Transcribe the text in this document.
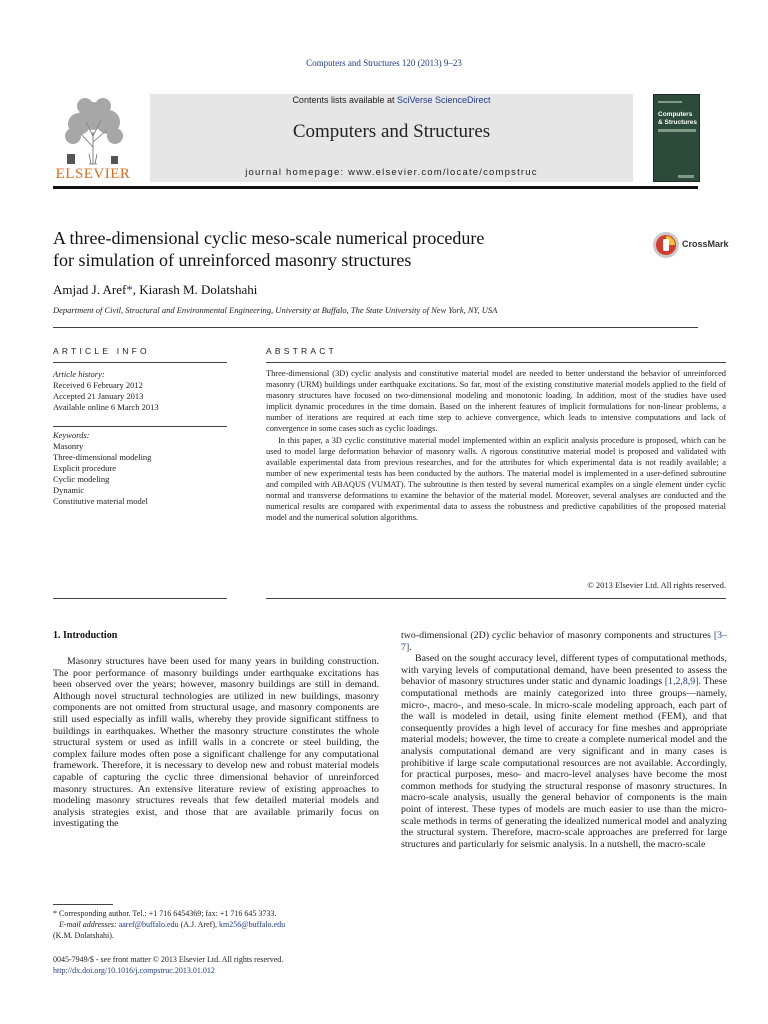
Computers and Structures 120 (2013) 9–23
ELSEVIER
Contents lists available at SciVerse ScienceDirect
Computers and Structures
journal homepage: www.elsevier.com/locate/compstruc
Computers
& Structures
A three-dimensional cyclic meso-scale numerical procedure
for simulation of unreinforced masonry structures
CrossMark
Amjad J. Aref*, Kiarash M. Dolatshahi
Department of Civil, Structural and Environmental Engineering, University at Buffalo, The State University of New York, NY, USA
ARTICLE INFO
Article history:
Received 6 February 2012
Accepted 21 January 2013
Available online 6 March 2013
Keywords:
Masonry
Three-dimensional modeling
Explicit procedure
Cyclic modeling
Dynamic
Constitutive material model
ABSTRACT

Three-dimensional (3D) cyclic analysis and constitutive material model are needed to better understand the behavior of unreinforced masonry (URM) buildings under earthquake excitations. So far, most of the existing constitutive material models applied to the field of masonry structures have focused on two-dimensional modeling and monotonic loading. In addition, most of the studies have used implicit dynamic procedures in the time domain. Based on the inherent features of implicit formulations for non-linear problems, a number of iterations are required at each time step to achieve convergence, which leads to intensive computations and lack of convergence in some cases such as cyclic loadings.

In this paper, a 3D cyclic constitutive material model implemented within an explicit analysis procedure is proposed, which can be used to model large deformation behavior of masonry walls. A rigorous constitutive material model is proposed and validated with available experimental data from previous researches, and for the attributes for which experimental data is not readily available; a number of new experimental tests has been conducted by the authors. The material model is implemented in a user-defined subroutine and compiled with ABAQUS (VUMAT). The subroutine is then tested by several numerical examples on a single element under cyclic normal and transverse deformations to examine the behavior of the material model. Moreover, several analyses are conducted and the numerical results are compared with experimental data to assess the robustness and predictive capabilities of the proposed material model and the numerical solution algorithms.

© 2013 Elsevier Ltd. All rights reserved.
1. Introduction

Masonry structures have been used for many years in building construction. The poor performance of masonry buildings under earthquake excitations has been observed over the years; however, masonry buildings are still in demand. Although novel structural technologies are utilized in new buildings, masonry components are not omitted from structural usage, and masonry components are still used especially as infill walls, whereby they provide significant stiffness to buildings in earthquakes. Whether the masonry structure constitutes the whole structural system or used as infill walls in a concrete or steel building, the complex failure modes often pose a significant challenge for any computational framework. Therefore, it is necessary to develop new and robust material models capable of capturing the cyclic three dimensional behavior of unreinforced masonry structures. An extensive literature review of existing approaches to modeling masonry structures reveals that few detailed material models and analysis strategies exist, and those that are available primarily focus on investigating the

two-dimensional (2D) cyclic behavior of masonry components and structures [3–7].

Based on the sought accuracy level, different types of computational methods, with varying levels of computational demand, have been presented to assess the behavior of masonry structures under static and dynamic loadings [1,2,8,9]. These computational methods are mainly categorized into three groups—namely, micro-, macro-, and meso-scale. In micro-scale modeling approach, each part of the wall is modeled in detail, using finite element method (FEM), and that consequently provides a high level of accuracy for fine meshes and appropriate material models; however, the time to create a complete numerical model and the analysis computational demand are very significant and in many cases is prohibitive if large scale computational resources are not available. Accordingly, for practical purposes, meso- and macro-level analyses have become the most common methods for studying the structural response of masonry structures. In macro-scale analysis, usually the general behavior of components is the main point of interest. These types of models are much easier to use than the micro-scale methods in terms of generating the idealized numerical model and analyzing the structural system. Therefore, macro-scale approaches are preferred for large structures and particularly for seismic analysis. In a nutshell, the macro-scale

* Corresponding author. Tel.: +1 716 6454369; fax: +1 716 645 3733.
E-mail addresses: aaref@buffalo.edu (A.J. Aref), km256@buffalo.edu
(K.M. Dolatshahi).
0045-7949/$ - see front matter © 2013 Elsevier Ltd. All rights reserved.
http://dx.doi.org/10.1016/j.compstruc.2013.01.012
